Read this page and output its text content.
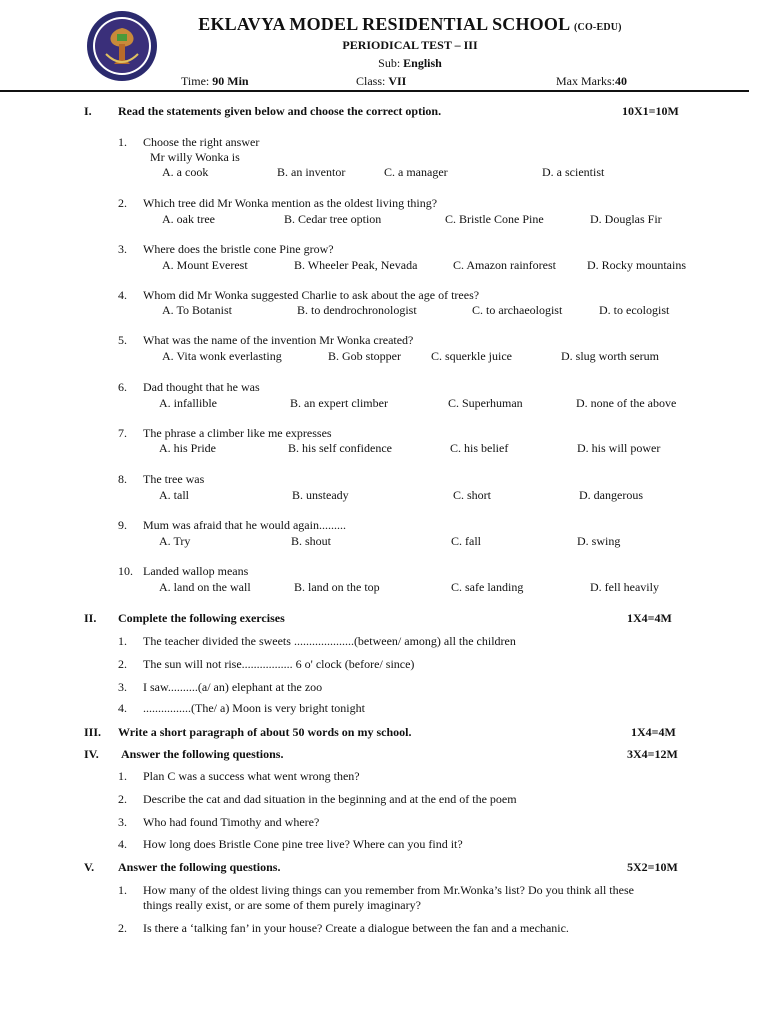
EKLAVYA MODEL RESIDENTIAL SCHOOL (CO-EDU)
PERIODICAL TEST – III
Sub: English
Time: 90 Min	Class: VII	Max Marks:40
I. Read the statements given below and choose the correct option.	10X1=10M
1. Choose the right answer
Mr willy Wonka is
A. a cook	B. an inventor	C. a manager	D. a scientist
2. Which tree did Mr Wonka mention as the oldest living thing?
A. oak tree	B. Cedar tree option	C. Bristle Cone Pine	D. Douglas Fir
3. Where does the bristle cone Pine grow?
A. Mount Everest	B. Wheeler Peak, Nevada	C. Amazon rainforest	D. Rocky mountains
4. Whom did Mr Wonka suggested Charlie to ask about the age of trees?
A. To Botanist	B. to dendrochronologist	C. to archaeologist	D. to ecologist
5. What was the name of the invention Mr Wonka created?
A. Vita wonk everlasting	B. Gob stopper	C. squerkle juice	D. slug worth serum
6. Dad thought that he was
A. infallible	B. an expert climber	C. Superhuman	D. none of the above
7. The phrase a climber like me expresses
A. his Pride	B. his self confidence	C. his belief	D. his will power
8. The tree was
A. tall	B. unsteady	C. short	D. dangerous
9. Mum was afraid that he would again.........
A. Try	B. shout	C. fall	D. swing
10. Landed wallop means
A. land on the wall	B. land on the top	C. safe landing	D. fell heavily
II. Complete the following exercises	1X4=4M
1. The teacher divided the sweets ....................(between/ among) all the children
2. The sun will not rise................. 6 o' clock (before/ since)
3. I saw..........(a/ an) elephant at the zoo
4. ................(The/ a) Moon is very bright tonight
III. Write a short paragraph of about 50 words on my school.	1X4=4M
IV. Answer the following questions.	3X4=12M
1. Plan C was a success what went wrong then?
2. Describe the cat and dad situation in the beginning and at the end of the poem
3. Who had found Timothy and where?
4. How long does Bristle Cone pine tree live? Where can you find it?
V. Answer the following questions.	5X2=10M
1. How many of the oldest living things can you remember from Mr.Wonka’s list? Do you think all these
things really exist, or are some of them purely imaginary?
2. Is there a ‘talking fan’ in your house? Create a dialogue between the fan and a mechanic.
